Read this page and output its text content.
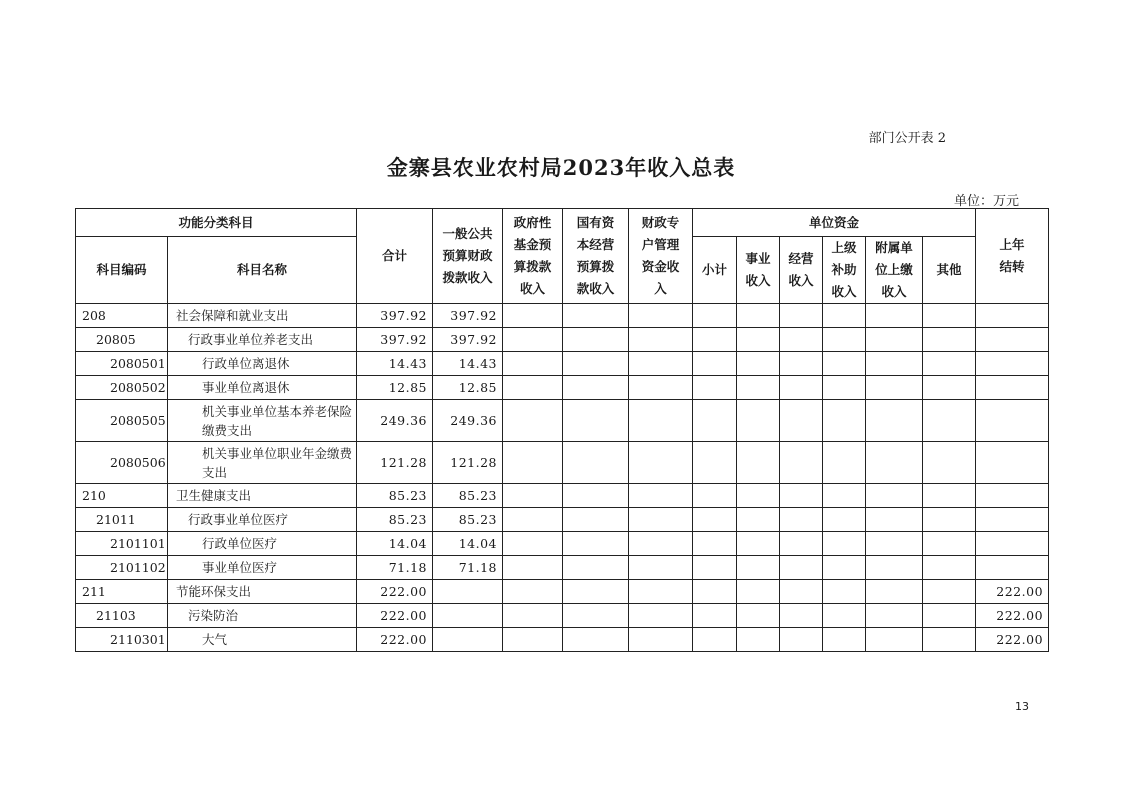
部门公开表 2
金寨县农业农村局2023年收入总表
单位：万元
功能分类科目		合计	一般公共预算财政拨款收入	政府性基金预算拨款收入	国有资本经营预算拨款收入	财政专户管理资金收入	单位资金						上年结转

科目编码	科目名称						小计	事业收入	经营收入	上级补助收入	附属单位上缴收入	其他	
208	社会保障和就业支出	397.92	397.92										
20805	行政事业单位养老支出	397.92	397.92										
2080501	行政单位离退休	14.43	14.43										
2080502	事业单位离退休	12.85	12.85										
2080505	机关事业单位基本养老保险缴费支出	249.36	249.36										
2080506	机关事业单位职业年金缴费支出	121.28	121.28										
210	卫生健康支出	85.23	85.23										
21011	行政事业单位医疗	85.23	85.23										
2101101	行政单位医疗	14.04	14.04										
2101102	事业单位医疗	71.18	71.18										
211	节能环保支出	222.00											222.00
21103	污染防治	222.00											222.00
2110301	大气	222.00											222.00
13
